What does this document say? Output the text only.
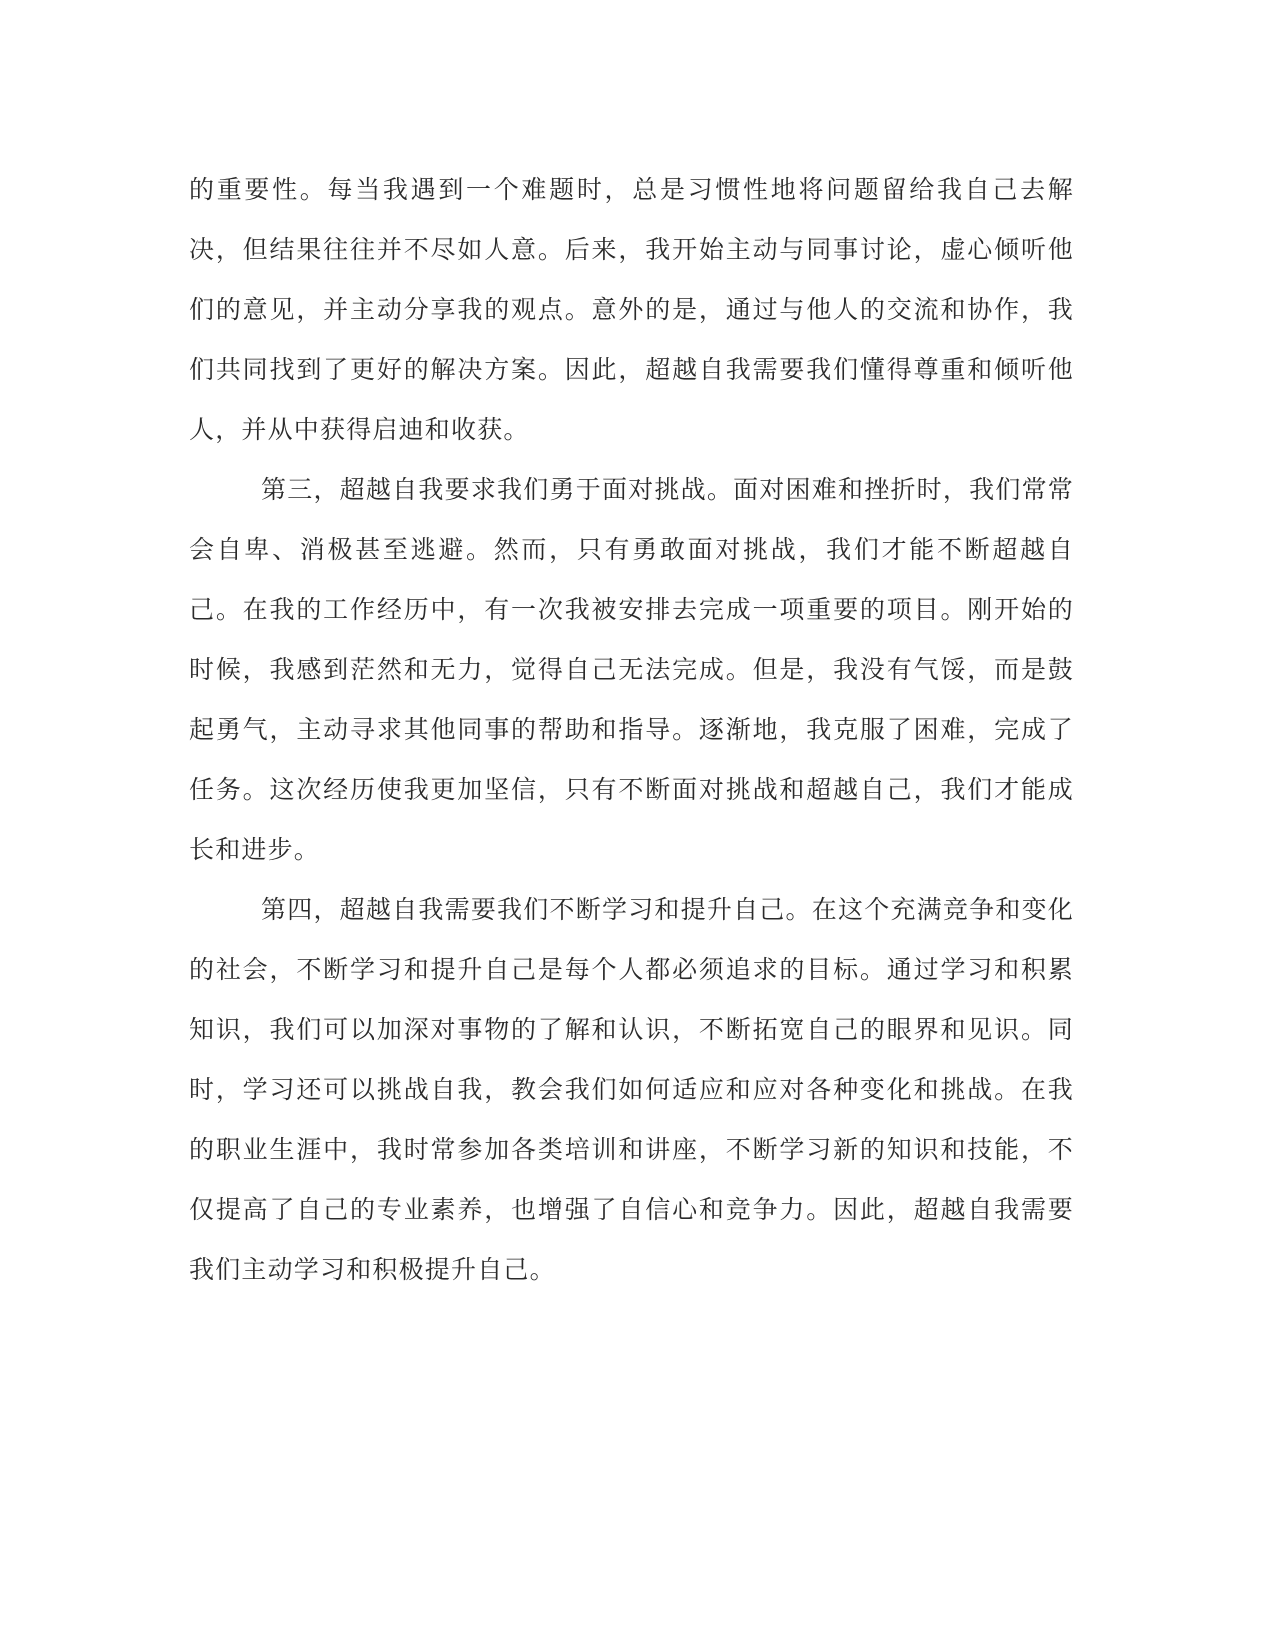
的重要性。每当我遇到一个难题时，总是习惯性地将问题留给我自己去解决，但结果往往并不尽如人意。后来，我开始主动与同事讨论，虚心倾听他们的意见，并主动分享我的观点。意外的是，通过与他人的交流和协作，我们共同找到了更好的解决方案。因此，超越自我需要我们懂得尊重和倾听他人，并从中获得启迪和收获。

第三，超越自我要求我们勇于面对挑战。面对困难和挫折时，我们常常会自卑、消极甚至逃避。然而，只有勇敢面对挑战，我们才能不断超越自己。在我的工作经历中，有一次我被安排去完成一项重要的项目。刚开始的时候，我感到茫然和无力，觉得自己无法完成。但是，我没有气馁，而是鼓起勇气，主动寻求其他同事的帮助和指导。逐渐地，我克服了困难，完成了任务。这次经历使我更加坚信，只有不断面对挑战和超越自己，我们才能成长和进步。

第四，超越自我需要我们不断学习和提升自己。在这个充满竞争和变化的社会，不断学习和提升自己是每个人都必须追求的目标。通过学习和积累知识，我们可以加深对事物的了解和认识，不断拓宽自己的眼界和见识。同时，学习还可以挑战自我，教会我们如何适应和应对各种变化和挑战。在我的职业生涯中，我时常参加各类培训和讲座，不断学习新的知识和技能，不仅提高了自己的专业素养，也增强了自信心和竞争力。因此，超越自我需要我们主动学习和积极提升自己。
